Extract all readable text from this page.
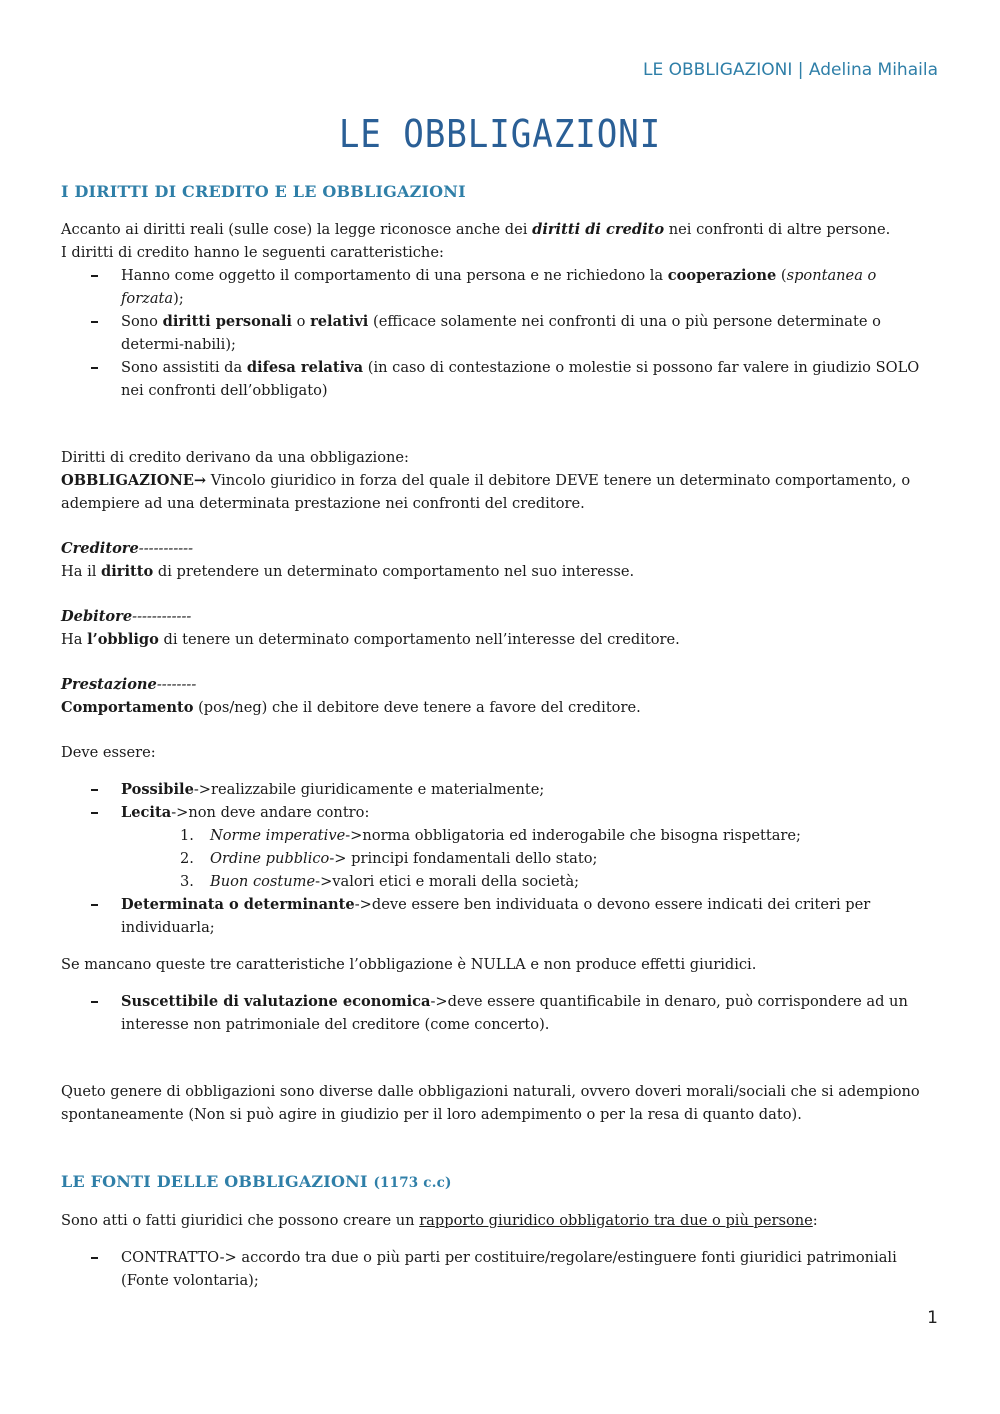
LE OBBLIGAZIONI | Adelina Mihaila
LE OBBLIGAZIONI
I DIRITTI DI CREDITO E LE OBBLIGAZIONI

Accanto ai diritti reali (sulle cose) la legge riconosce anche dei diritti di credito nei confronti di altre persone.

I diritti di credito hanno le seguenti caratteristiche:

Hanno come oggetto il comportamento di una persona e ne richiedono la cooperazione (spontanea o forzata);
Sono diritti personali o relativi (efficace solamente nei confronti di una o più persone determinate o determi-nabili);
Sono assistiti da difesa relativa (in caso di contestazione o molestie si possono far valere in giudizio SOLO nei confronti dell’obbligato)

Diritti di credito derivano da una obbligazione:

OBBLIGAZIONE→ Vincolo giuridico in forza del quale il debitore DEVE tenere un determinato comportamento, o adempiere ad una determinata prestazione nei confronti del creditore.

Creditore-----------

Ha il diritto di pretendere un determinato comportamento nel suo interesse.

Debitore------------

Ha l’obbligo di tenere un determinato comportamento nell’interesse del creditore.

Prestazione--------

Comportamento (pos/neg) che il debitore deve tenere a favore del creditore.

Deve essere:

Possibile->realizzabile giuridicamente e materialmente;
Lecita->non deve andare contro:
1. Norme imperative->norma obbligatoria ed inderogabile che bisogna rispettare;
2. Ordine pubblico-> principi fondamentali dello stato;
3. Buon costume->valori etici e morali della società;
Determinata o determinante->deve essere ben individuata o devono essere indicati dei criteri per individuarla;

Se mancano queste tre caratteristiche l’obbligazione è NULLA e non produce effetti giuridici.

Suscettibile di valutazione economica->deve essere quantificabile in denaro, può corrispondere ad un interesse non patrimoniale del creditore (come concerto).

Queto genere di obbligazioni sono diverse dalle obbligazioni naturali, ovvero doveri morali/sociali che si adempiono spontaneamente (Non si può agire in giudizio per il loro adempimento o per la resa di quanto dato).

LE FONTI DELLE OBBLIGAZIONI (1173 c.c)

Sono atti o fatti giuridici che possono creare un rapporto giuridico obbligatorio tra due o più persone:

CONTRATTO-> accordo tra due o più parti per costituire/regolare/estinguere fonti giuridici patrimoniali (Fonte volontaria);
1
